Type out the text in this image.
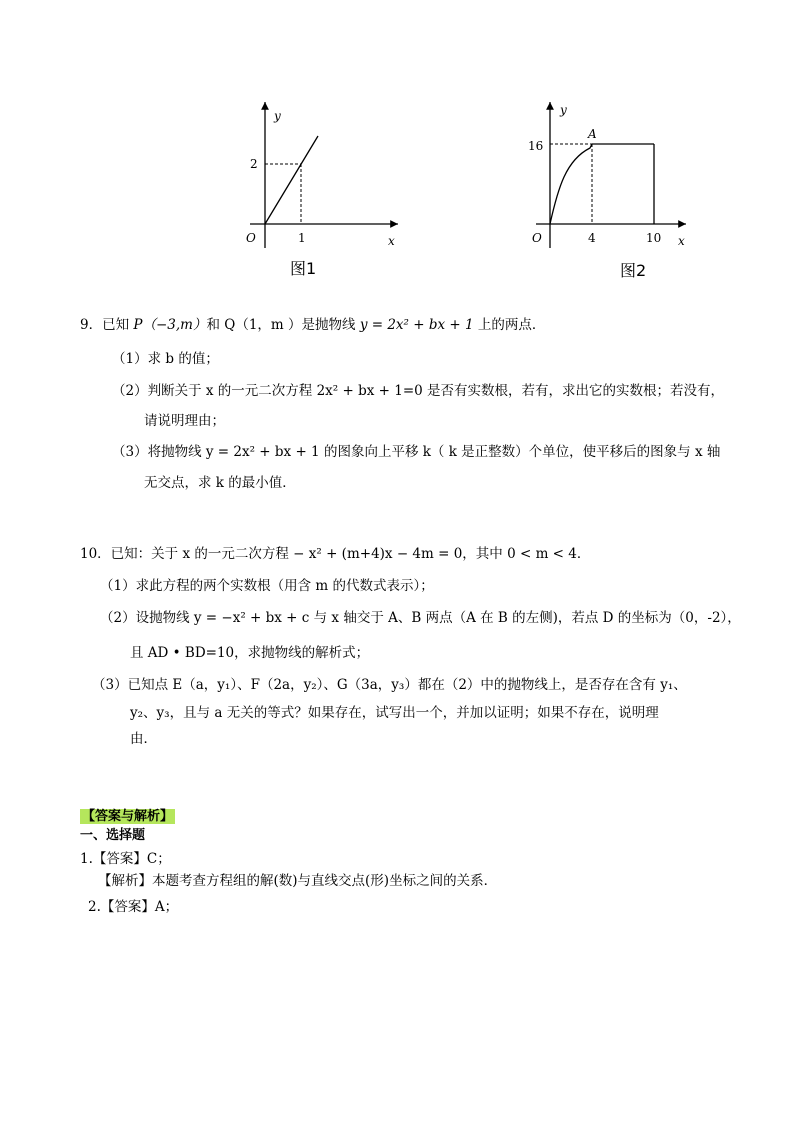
y
x
O
2
1
图1
y
x
O
16
4	10
A
图2
9．已知 P（−3,m）和 Q（1，m ）是抛物线 y = 2x² + bx + 1 上的两点．
（1）求 b 的值；
（2）判断关于 x 的一元二次方程 2x² + bx + 1=0 是否有实数根，若有，求出它的实数根；若没有，
请说明理由；
（3）将抛物线 y = 2x² + bx + 1 的图象向上平移 k（ k 是正整数）个单位，使平移后的图象与 x 轴
无交点，求 k 的最小值．
10．已知：关于 x 的一元二次方程 − x² + (m+4)x − 4m = 0，其中 0 < m < 4．
（1）求此方程的两个实数根（用含 m 的代数式表示）；
（2）设抛物线 y = −x² + bx + c 与 x 轴交于 A、B 两点（A 在 B 的左侧)，若点 D 的坐标为（0，-2），
且 AD • BD=10，求抛物线的解析式；
（3）已知点 E（a，y₁）、F（2a，y₂）、G（3a，y₃）都在（2）中的抛物线上，是否存在含有 y₁、
y₂、y₃，且与 a 无关的等式？如果存在，试写出一个，并加以证明；如果不存在，说明理
由．
【答案与解析】
一、选择题
1.【答案】C；
【解析】本题考查方程组的解(数)与直线交点(形)坐标之间的关系．
2.【答案】A；
